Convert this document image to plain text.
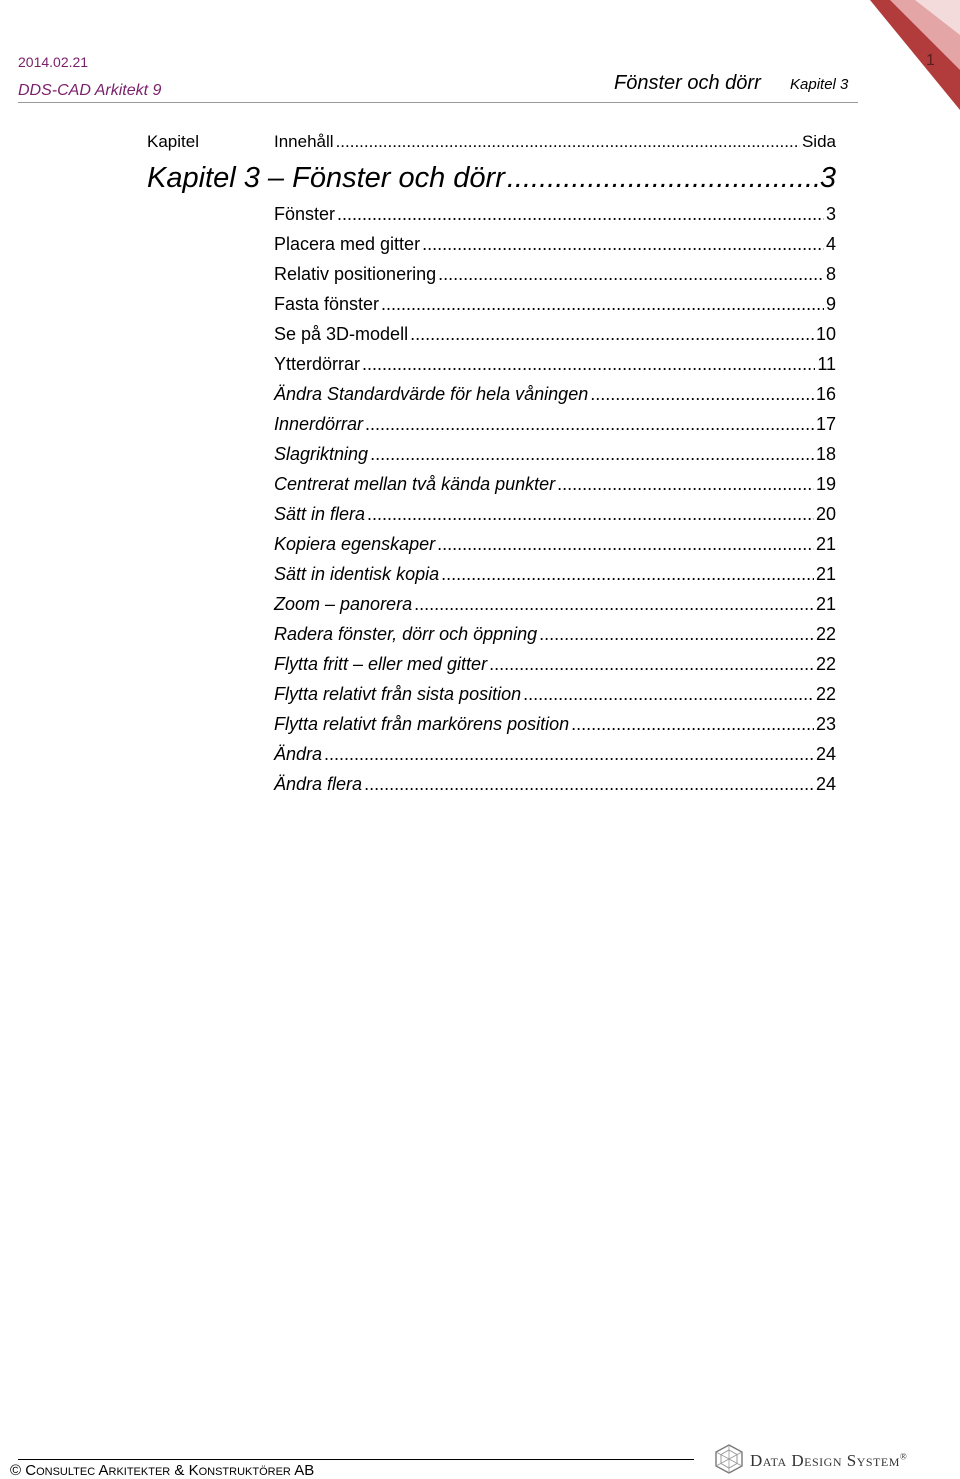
2014.02.21
DDS-CAD Arkitekt 9	Fönster och dörr Kapitel 3
1
Kapitel	Innehåll .....	Sida
Kapitel 3 – Fönster och dörr .....	3
Fönster .....	3
Placera med gitter .....	4
Relativ positionering .....	8
Fasta fönster .....	9
Se på 3D-modell .....	10
Ytterdörrar .....	11
Ändra Standardvärde för hela våningen .....	16
Innerdörrar .....	17
Slagriktning .....	18
Centrerat mellan två kända punkter .....	19
Sätt in flera .....	20
Kopiera egenskaper .....	21
Sätt in identisk kopia .....	21
Zoom – panorera .....	21
Radera fönster, dörr och öppning .....	22
Flytta fritt – eller med gitter .....	22
Flytta relativt från sista position .....	22
Flytta relativt från markörens position .....	23
Ändra .....	24
Ändra flera .....	24
© Consultec Arkitekter & Konstruktörer AB
Data Design System®
